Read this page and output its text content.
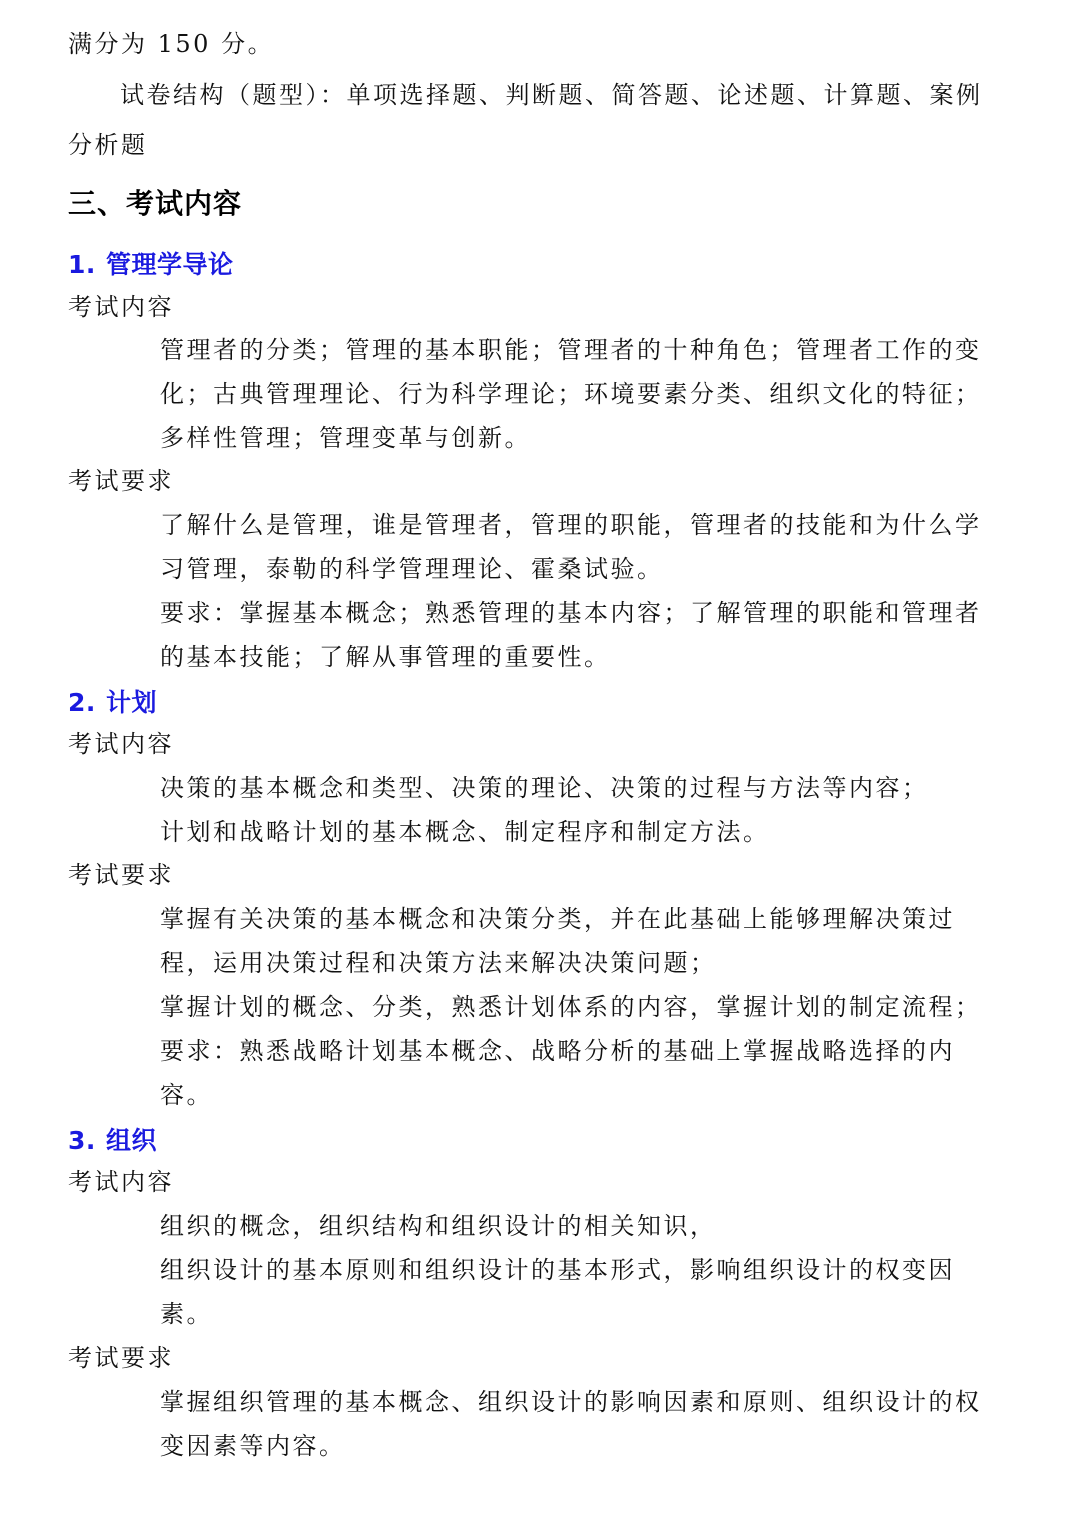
满分为 150 分。
试卷结构（题型）：单项选择题、判断题、简答题、论述题、计算题、案例
分析题
三、考试内容
1. 管理学导论
考试内容
管理者的分类；管理的基本职能；管理者的十种角色；管理者工作的变
化；古典管理理论、行为科学理论；环境要素分类、组织文化的特征；
多样性管理；管理变革与创新。
考试要求
了解什么是管理，谁是管理者，管理的职能，管理者的技能和为什么学
习管理，泰勒的科学管理理论、霍桑试验。
要求：掌握基本概念；熟悉管理的基本内容；了解管理的职能和管理者
的基本技能；了解从事管理的重要性。
2. 计划
考试内容
决策的基本概念和类型、决策的理论、决策的过程与方法等内容；
计划和战略计划的基本概念、制定程序和制定方法。
考试要求
掌握有关决策的基本概念和决策分类，并在此基础上能够理解决策过
程，运用决策过程和决策方法来解决决策问题；
掌握计划的概念、分类，熟悉计划体系的内容，掌握计划的制定流程；
要求：熟悉战略计划基本概念、战略分析的基础上掌握战略选择的内
容。
3. 组织
考试内容
组织的概念，组织结构和组织设计的相关知识，
组织设计的基本原则和组织设计的基本形式，影响组织设计的权变因
素。
考试要求
掌握组织管理的基本概念、组织设计的影响因素和原则、组织设计的权
变因素等内容。
